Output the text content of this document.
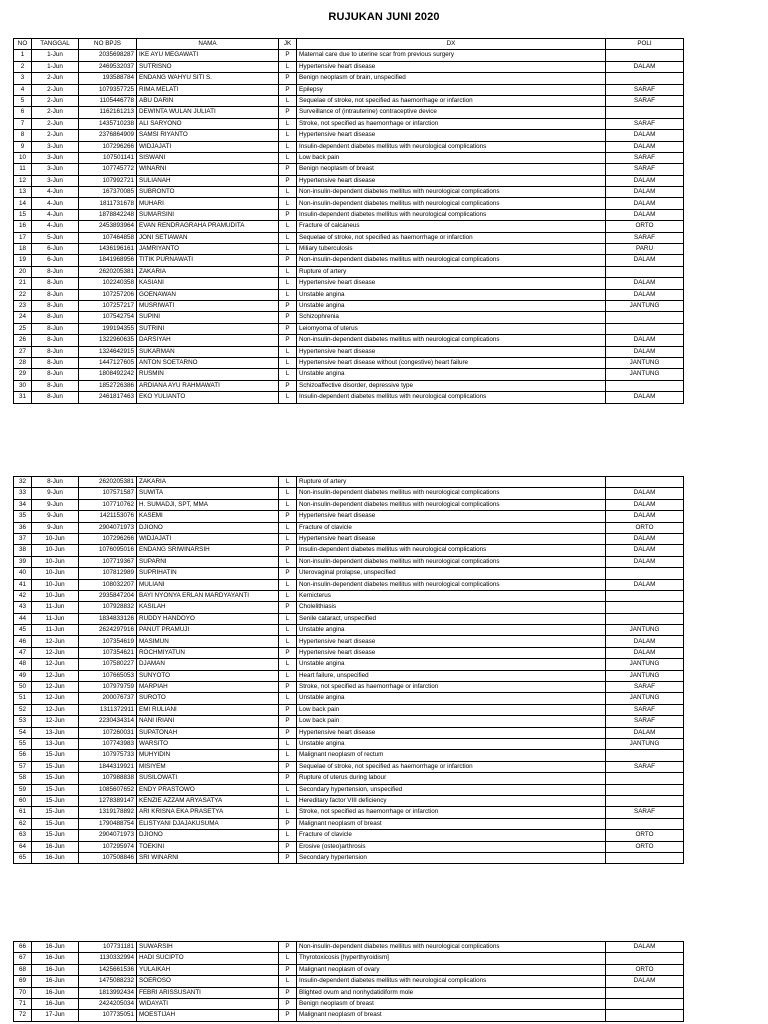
RUJUKAN JUNI 2020
NO	TANGGAL	NO BPJS	NAMA	JK	DX	POLI
1	1-Jun	2035698287	IKE AYU MEGAWATI	P	Maternal care due to uterine scar from previous surgery	
2	1-Jun	2469532037	SUTRISNO	L	Hypertensive heart disease	DALAM
3	2-Jun	193588784	ENDANG WAHYU SITI S.	P	Benign neoplasm of brain, unspecified	
4	2-Jun	1079357725	RIMA MELATI	P	Epilepsy	SARAF
5	2-Jun	1105446778	ABU DARIN	L	Sequelae of stroke, not specified as haemorrhage or infarction	SARAF
6	2-Jun	1162161213	DEWINTA WULAN JULIATI	P	Surveillance of (intrauterine) contraceptive device	
7	2-Jun	1435710238	ALI SARYONO	L	Stroke, not specified as haemorrhage or infarction	SARAF
8	2-Jun	2376864909	SAMSI RIYANTO	L	Hypertensive heart disease	DALAM
9	3-Jun	107296266	WIDJAJATI	L	Insulin-dependent diabetes mellitus with neurological complications	DALAM
10	3-Jun	107501141	SISWANI	L	Low back pain	SARAF
11	3-Jun	107745772	WINARNI	P	Benign neoplasm of breast	SARAF
12	3-Jun	107992721	SULIANAH	P	Hypertensive heart disease	DALAM
13	4-Jun	167370085	SUBRONTO	L	Non-insulin-dependent diabetes mellitus with neurological complications	DALAM
14	4-Jun	1811731678	MUHARI	L	Non-insulin-dependent diabetes mellitus with neurological complications	DALAM
15	4-Jun	1878842248	SUMARSINI	P	Insulin-dependent diabetes mellitus with neurological complications	DALAM
16	4-Jun	2453893964	EVAN RENDRAGRAHA PRAMUDITA	L	Fracture of calcaneus	ORTO
17	5-Jun	107464858	JONI SETIAWAN	L	Sequelae of stroke, not specified as haemorrhage or infarction	SARAF
18	6-Jun	1436196161	JAMRIYANTO	L	Miliary tuberculosis	PARU
19	6-Jun	1841968956	TITIK PURNAWATI	P	Non-insulin-dependent diabetes mellitus with neurological complications	DALAM
20	8-Jun	2620205381	ZAKARIA	L	Rupture of artery	
21	8-Jun	102240358	KASIANI	L	Hypertensive heart disease	DALAM
22	8-Jun	107257206	GOENAWAN	L	Unstable angina	DALAM
23	8-Jun	107257217	MUSRIWATI	P	Unstable angina	JANTUNG
24	8-Jun	107542754	SUPINI	P	Schizophrenia	
25	8-Jun	199194355	SUTRINI	P	Leiomyoma of uterus	
26	8-Jun	1322960635	DARSIYAH	P	Non-insulin-dependent diabetes mellitus with neurological complications	DALAM
27	8-Jun	1324642915	SUKARMAN	L	Hypertensive heart disease	DALAM
28	8-Jun	1447127605	ANTON SOETARNO	L	Hypertensive heart disease without (congestive) heart failure	JANTUNG
29	8-Jun	1808492242	RUSMIN	L	Unstable angina	JANTUNG
30	8-Jun	1852726386	ARDIANA AYU RAHMAWATI	P	Schizoaffective disorder, depressive type	
31	8-Jun	2461817463	EKO YULIANTO	L	Insulin-dependent diabetes mellitus with neurological complications	DALAM
32	8-Jun	2620205381	ZAKARIA	L	Rupture of artery	
33	9-Jun	107571587	SUWITA	L	Non-insulin-dependent diabetes mellitus with neurological complications	DALAM
34	9-Jun	107710762	H. SUMADJI, SPT, MMA	L	Non-insulin-dependent diabetes mellitus with neurological complications	DALAM
35	9-Jun	1421153076	KASEMI	P	Hypertensive heart disease	DALAM
36	9-Jun	2904071973	DJIONO	L	Fracture of clavicle	ORTO
37	10-Jun	107296266	WIDJAJATI	L	Hypertensive heart disease	DALAM
38	10-Jun	1076095016	ENDANG SRIWINARSIH	P	Insulin-dependent diabetes mellitus with neurological complications	DALAM
39	10-Jun	107719367	SUPARNI	L	Non-insulin-dependent diabetes mellitus with neurological complications	DALAM
40	10-Jun	107812989	SUPRIHATIN	P	Uterovaginal prolapse, unspecified	
41	10-Jun	108032207	MULIANI	L	Non-insulin-dependent diabetes mellitus with neurological complications	DALAM
42	10-Jun	2935847204	BAYI NYONYA ERLAN MARDYAYANTI	L	Kernicterus	
43	11-Jun	107928832	KASILAH	P	Cholelithiasis	
44	11-Jun	1834833126	RUDDY HANDOYO	L	Senile cataract, unspecified	
45	11-Jun	2624297916	PANUT PRAMUJI	L	Unstable angina	JANTUNG
46	12-Jun	107354619	MASIMUN	L	Hypertensive heart disease	DALAM
47	12-Jun	107354621	ROCHMIYATUN	P	Hypertensive heart disease	DALAM
48	12-Jun	107580227	DJAMAN	L	Unstable angina	JANTUNG
49	12-Jun	107665053	SUNYOTO	L	Heart failure, unspecified	JANTUNG
50	12-Jun	107979759	MARPIAH	P	Stroke, not specified as haemorrhage or infarction	SARAF
51	12-Jun	200076737	SUROTO	L	Unstable angina	JANTUNG
52	12-Jun	1311372911	EMI RULIANI	P	Low back pain	SARAF
53	12-Jun	2230434314	NANI IRIANI	P	Low back pain	SARAF
54	13-Jun	107260031	SUPATONAH	P	Hypertensive heart disease	DALAM
55	13-Jun	107743983	WARSITO	L	Unstable angina	JANTUNG
56	15-Jun	107975733	MUHYIDIN	L	Malignant neoplasm of rectum	
57	15-Jun	1844319921	MISIYEM	P	Sequelae of stroke, not specified as haemorrhage or infarction	SARAF
58	15-Jun	107988838	SUSILOWATI	P	Rupture of uterus during labour	
59	15-Jun	1085607652	ENDY PRASTOWO	L	Secondary hypertension, unspecified	
60	15-Jun	1278389147	KENZIE AZZAM ARYASATYA	L	Hereditary factor VIII deficiency	
61	15-Jun	1319178892	ARI KRISNA EKA PRASETYA	L	Stroke, not specified as haemorrhage or infarction	SARAF
62	15-Jun	1790488754	ELISTYANI DJAJAKUSUMA	P	Malignant neoplasm of breast	
63	15-Jun	2904071973	DJIONO	L	Fracture of clavicle	ORTO
64	16-Jun	107295974	TOEKINI	P	Erosive (osteo)arthrosis	ORTO
65	16-Jun	107508846	SRI WINARNI	P	Secondary hypertension	
66	16-Jun	107731181	SUWARSIH	P	Non-insulin-dependent diabetes mellitus with neurological complications	DALAM
67	16-Jun	1130332994	HADI SUCIPTO	L	Thyrotoxicosis [hyperthyroidism]	
68	16-Jun	1425661536	YULAIKAH	P	Malignant neoplasm of ovary	ORTO
69	16-Jun	1475088232	SOEROSO	L	Insulin-dependent diabetes mellitus with neurological complications	DALAM
70	16-Jun	1813992434	FEBRI ARISSUSANTI	P	Blighted ovum and nonhydatidiform mole	
71	16-Jun	2424205034	WIDAYATI	P	Benign neoplasm of breast	
72	17-Jun	107735051	MOESTIJAH	P	Malignant neoplasm of breast	
